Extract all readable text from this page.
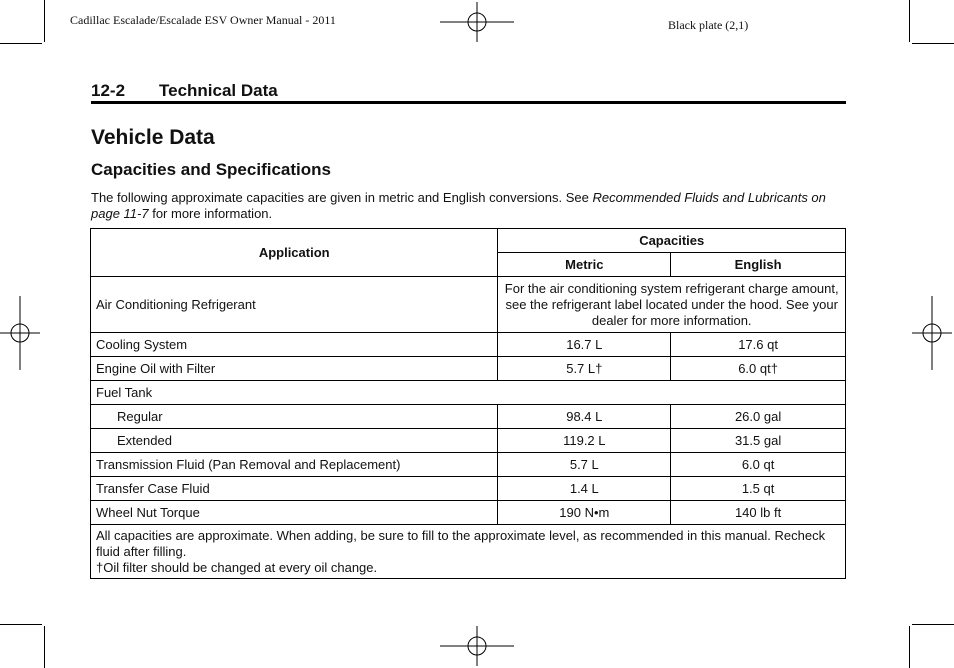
Cadillac Escalade/Escalade ESV Owner Manual - 2011	Black plate (2,1)
12-2 Technical Data
Vehicle Data
Capacities and Specifications

The following approximate capacities are given in metric and English conversions. See Recommended Fluids and Lubricants on page 11-7 for more information.

Application	Capacities	
	Metric	English
Air Conditioning Refrigerant	For the air conditioning system refrigerant charge amount, see the refrigerant label located under the hood. See your dealer for more information.	
Cooling System	16.7 L	17.6 qt
Engine Oil with Filter	5.7 L†	6.0 qt†
Fuel Tank		
Regular	98.4 L	26.0 gal
Extended	119.2 L	31.5 gal
Transmission Fluid (Pan Removal and Replacement)	5.7 L	6.0 qt
Transfer Case Fluid	1.4 L	1.5 qt
Wheel Nut Torque	190 N•m	140 lb ft

All capacities are approximate. When adding, be sure to fill to the approximate level, as recommended in this manual. Recheck fluid after filling.
†Oil filter should be changed at every oil change.		
